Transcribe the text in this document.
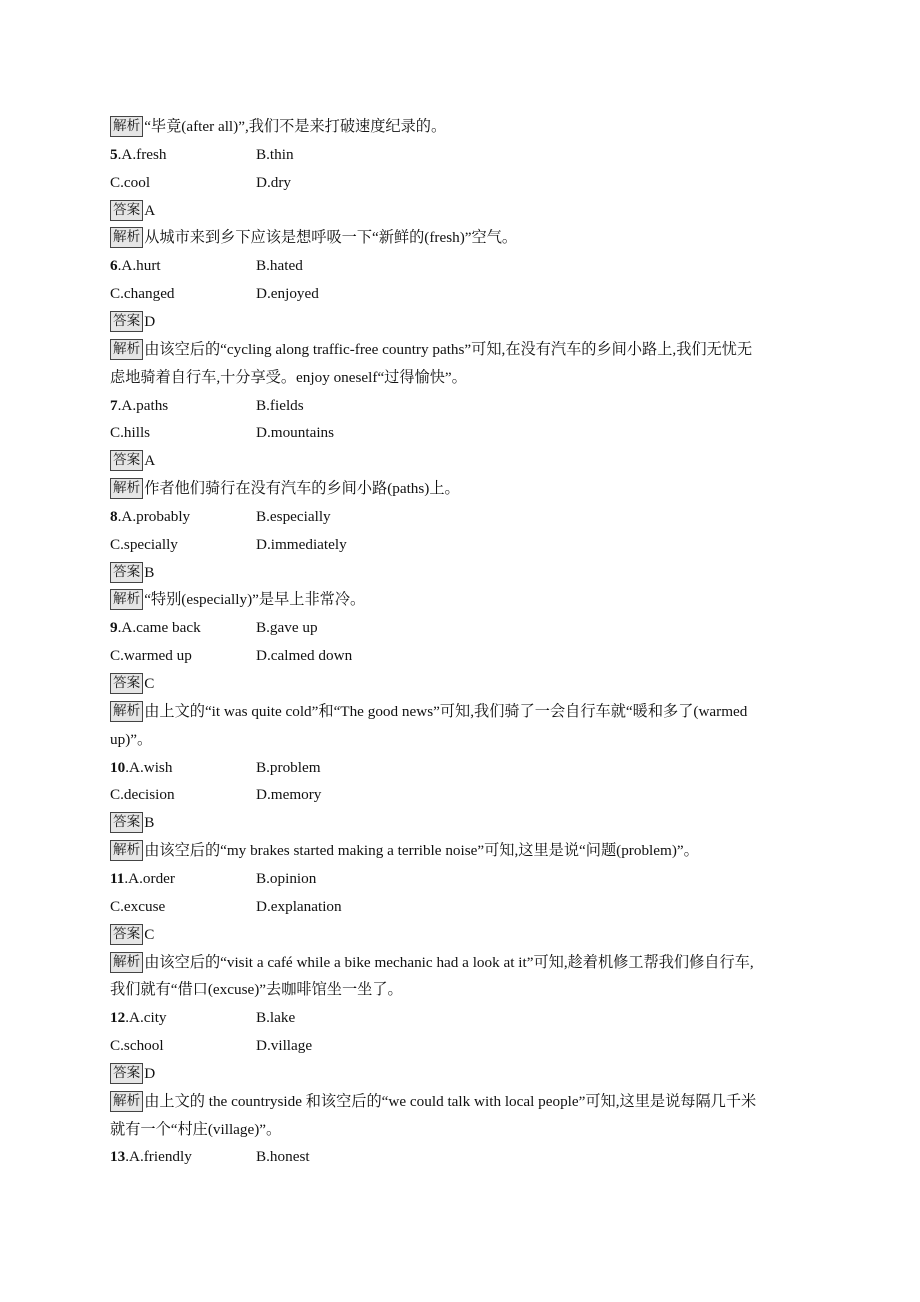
解析 “毕竟(after all)”,我们不是来打破速度纪录的。
5.A.fresh	B.thin
C.cool	D.dry
答案 A
解析 从城市来到乡下应该是想呼吸一下“新鲜的(fresh)”空气。
6.A.hurt	B.hated
C.changed	D.enjoyed
答案 D
解析 由该空后的“cycling along traffic-free country paths”可知,在没有汽车的乡间小路上,我们无忧无
虑地骑着自行车,十分享受。enjoy oneself“过得愉快”。
7.A.paths	B.fields
C.hills	D.mountains
答案 A
解析 作者他们骑行在没有汽车的乡间小路(paths)上。
8.A.probably	B.especially
C.specially	D.immediately
答案 B
解析 “特别(especially)”是早上非常冷。
9.A.came back	B.gave up
C.warmed up	D.calmed down
答案 C
解析 由上文的“it was quite cold”和“The good news”可知,我们骑了一会自行车就“暖和多了(warmed
up)”。
10.A.wish	B.problem
C.decision	D.memory
答案 B
解析 由该空后的“my brakes started making a terrible noise”可知,这里是说“问题(problem)”。
11.A.order	B.opinion
C.excuse	D.explanation
答案 C
解析 由该空后的“visit a café while a bike mechanic had a look at it”可知,趁着机修工帮我们修自行车,
我们就有“借口(excuse)”去咖啡馆坐一坐了。
12.A.city	B.lake
C.school	D.village
答案 D
解析 由上文的 the countryside 和该空后的“we could talk with local people”可知,这里是说每隔几千米
就有一个“村庄(village)”。
13.A.friendly	B.honest
